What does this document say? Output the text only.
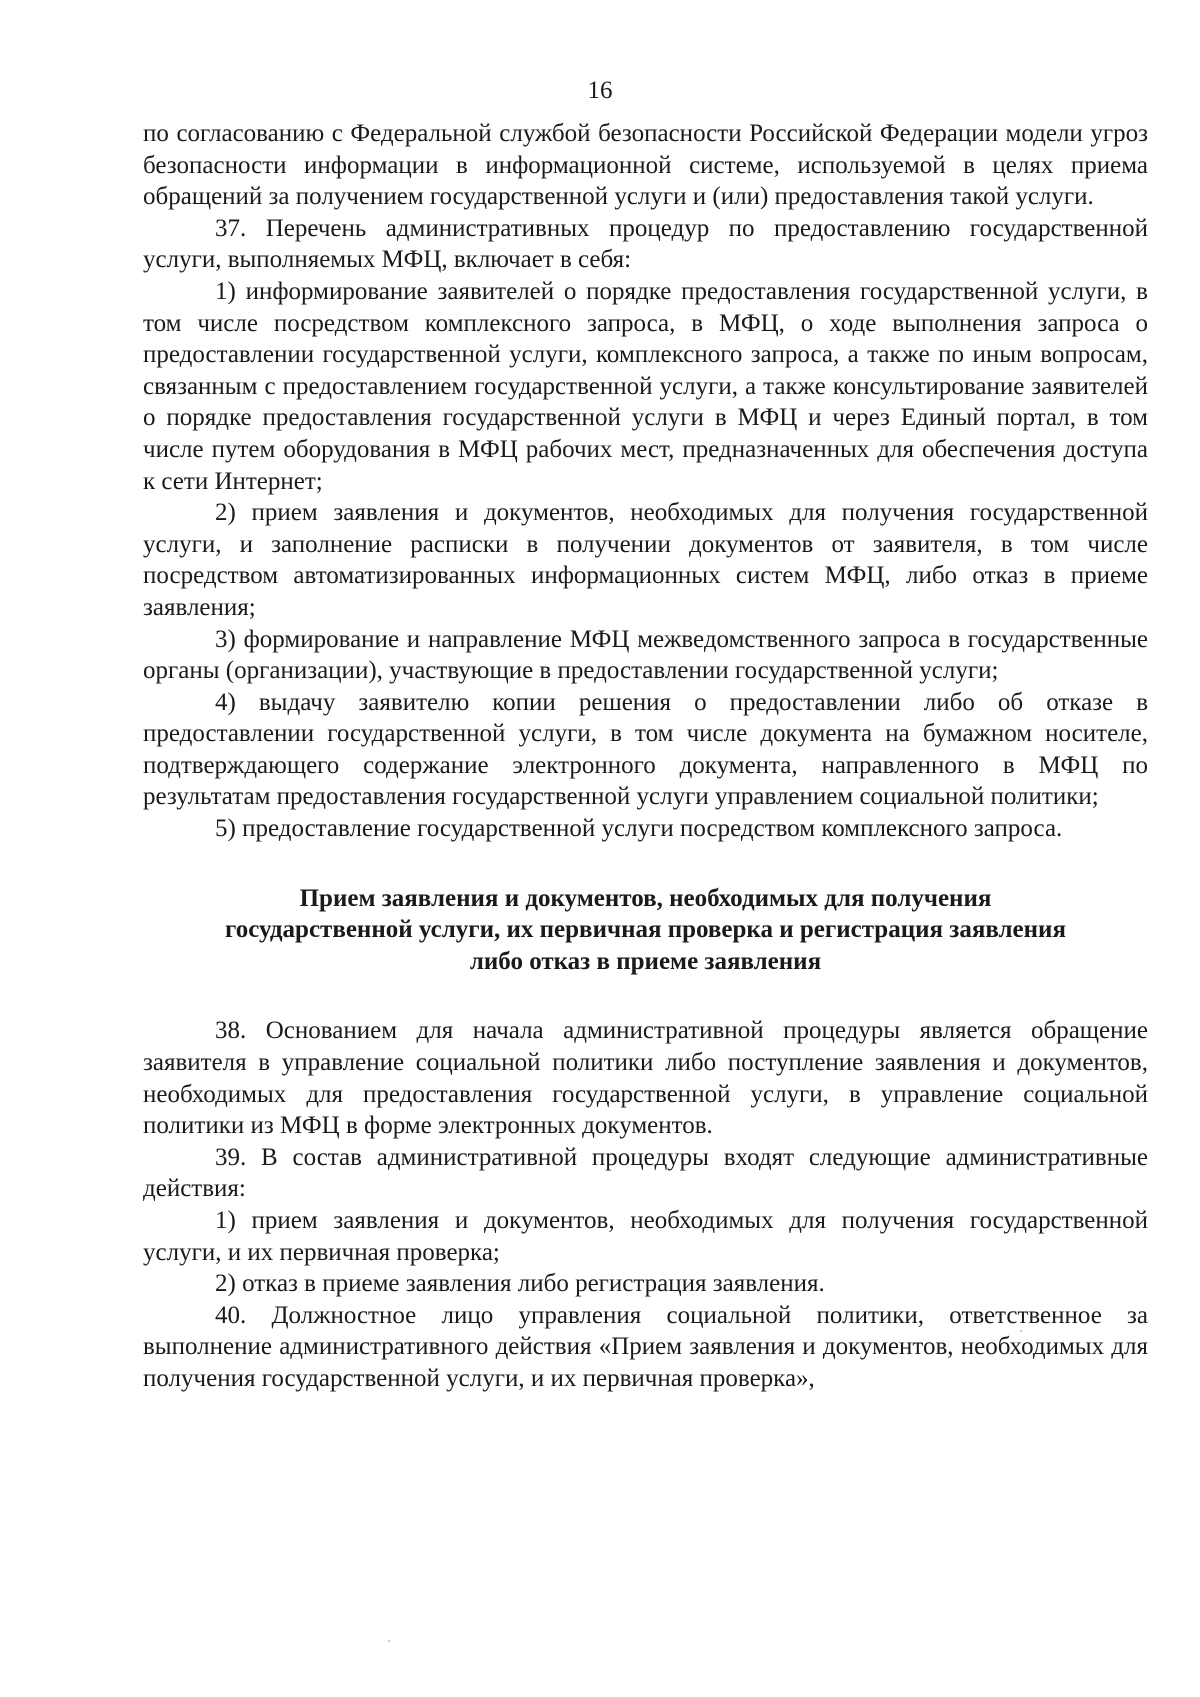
16

по согласованию с Федеральной службой безопасности Российской Федерации модели угроз безопасности информации в информационной системе, используемой в целях приема обращений за получением государственной услуги и (или) предоставления такой услуги.

37. Перечень административных процедур по предоставлению государственной услуги, выполняемых МФЦ, включает в себя:

1) информирование заявителей о порядке предоставления государственной услуги, в том числе посредством комплексного запроса, в МФЦ, о ходе выполнения запроса о предоставлении государственной услуги, комплексного запроса, а также по иным вопросам, связанным с предоставлением государственной услуги, а также консультирование заявителей о порядке предоставления государственной услуги в МФЦ и через Единый портал, в том числе путем оборудования в МФЦ рабочих мест, предназначенных для обеспечения доступа к сети Интернет;

2) прием заявления и документов, необходимых для получения государственной услуги, и заполнение расписки в получении документов от заявителя, в том числе посредством автоматизированных информационных систем МФЦ, либо отказ в приеме заявления;

3) формирование и направление МФЦ межведомственного запроса в государственные органы (организации), участвующие в предоставлении государственной услуги;

4) выдачу заявителю копии решения о предоставлении либо об отказе в предоставлении государственной услуги, в том числе документа на бумажном носителе, подтверждающего содержание электронного документа, направленного в МФЦ по результатам предоставления государственной услуги управлением социальной политики;

5) предоставление государственной услуги посредством комплексного запроса.

Прием заявления и документов, необходимых для получения
государственной услуги, их первичная проверка и регистрация заявления
либо отказ в приеме заявления

38. Основанием для начала административной процедуры является обращение заявителя в управление социальной политики либо поступление заявления и документов, необходимых для предоставления государственной услуги, в управление социальной политики из МФЦ в форме электронных документов.

39. В состав административной процедуры входят следующие административные действия:

1) прием заявления и документов, необходимых для получения государственной услуги, и их первичная проверка;

2) отказ в приеме заявления либо регистрация заявления.

40. Должностное лицо управления социальной политики, ответственное за выполнение административного действия «Прием заявления и документов, необходимых для получения государственной услуги, и их первичная проверка»,
